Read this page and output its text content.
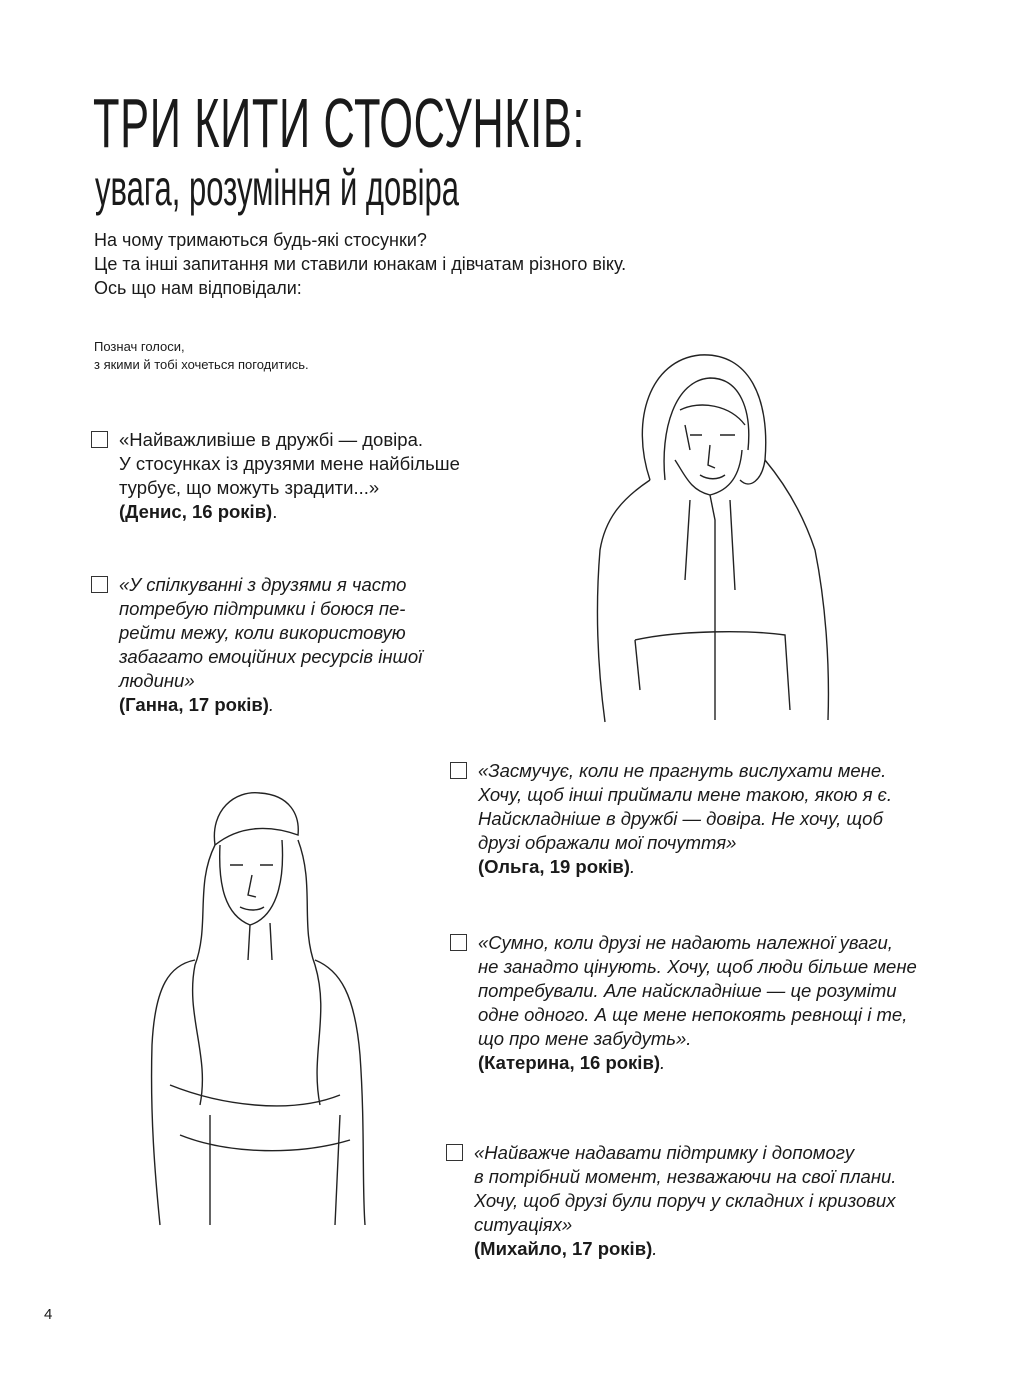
ТРИ КИТИ СТОСУНКІВ:
увага, розуміння й довіра
На чому тримаються будь-які стосунки?
Це та інші запитання ми ставили юнакам і дівчатам різного віку.
Ось що нам відповідали:
Познач голоси,
з якими й тобі хочеться погодитись.
«Найважливіше в дружбі — довіра.
У стосунках із друзями мене найбільше
турбує, що можуть зрадити...»
(Денис, 16 років).
«У спілкуванні з друзями я часто
потребую підтримки і боюся пе-
рейти межу, коли використовую
забагато емоційних ресурсів іншої
людини»
(Ганна, 17 років).
«Засмучує, коли не прагнуть вислухати мене.
Хочу, щоб інші приймали мене такою, якою я є.
Найскладніше в дружбі — довіра. Не хочу, щоб
друзі ображали мої почуття»
(Ольга, 19 років).
«Сумно, коли друзі не надають належної уваги,
не занадто цінують. Хочу, щоб люди більше мене
потребували. Але найскладніше — це розуміти
одне одного. А ще мене непокоять ревнощі і те,
що про мене забудуть».
(Катерина, 16 років).
«Найважче надавати підтримку і допомогу
в потрібний момент, незважаючи на свої плани.
Хочу, щоб друзі були поруч у складних і кризових
ситуаціях»
(Михайло, 17 років).
4
